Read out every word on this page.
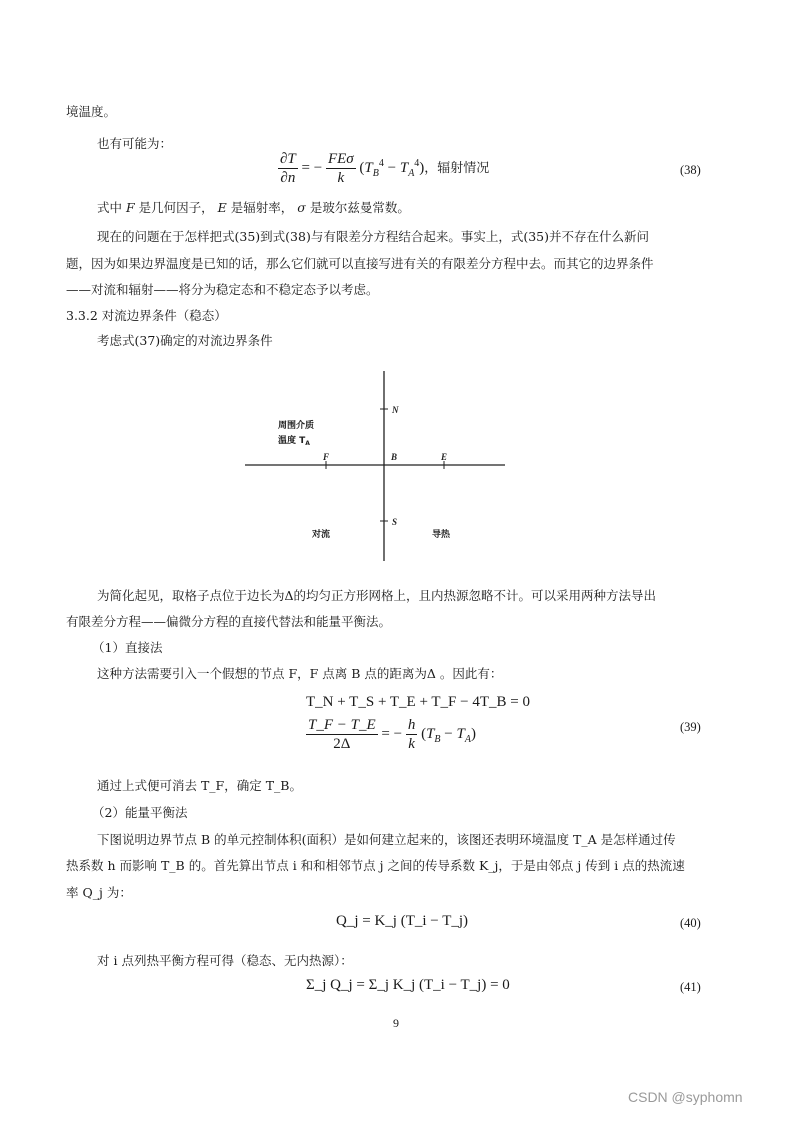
境温度。
也有可能为：
$\frac{\partial T}{\partial n}$ = − $\frac{\text{FEσ}}{k} (T_B^4 - T_A^4)$，辐射情况	(38)
式中 F 是几何因子， E 是辐射率， σ 是玻尔兹曼常数。
现在的问题在于怎样把式(35)到式(38)与有限差分方程结合起来。事实上，式(35)并不存在什么新问
题，因为如果边界温度是已知的话，那么它们就可以直接写进有关的有限差分方程中去。而其它的边界条件
——对流和辐射——将分为稳定态和不稳定态予以考虑。
3.3.2 对流边界条件（稳态）
考虑式(37)确定的对流边界条件
N
B
F	E
S
周围介质
温度 $T_A$
对流	导热
为简化起见，取格子点位于边长为Δ的均匀正方形网格上，且内热源忽略不计。可以采用两种方法导出
有限差分方程——偏微分方程的直接代替法和能量平衡法。
（1）直接法
这种方法需要引入一个假想的节点 F，F 点离 B 点的距离为Δ 。因此有：
T_N + T_S + T_E + T_F − 4T_B = 0
$\frac{T\_F - T\_E}{2\Delta}$ = − $\frac{h}{k} (T_B - T_A)$	(39)
通过上式便可消去 T_F，确定 T_B。
（2）能量平衡法
下图说明边界节点 B 的单元控制体积(面积）是如何建立起来的，该图还表明环境温度 T_A 是怎样通过传
热系数 h 而影响 T_B 的。首先算出节点 i 和和相邻节点 j 之间的传导系数 K_j，于是由邻点 j 传到 i 点的热流速
率 Q_j 为：
Q_j = K_j (T_i − T_j)	(40)
对 i 点列热平衡方程可得（稳态、无内热源）：
Σ_j Q_j = Σ_j K_j (T_i − T_j) = 0	(41)
9
CSDN @syphomn
